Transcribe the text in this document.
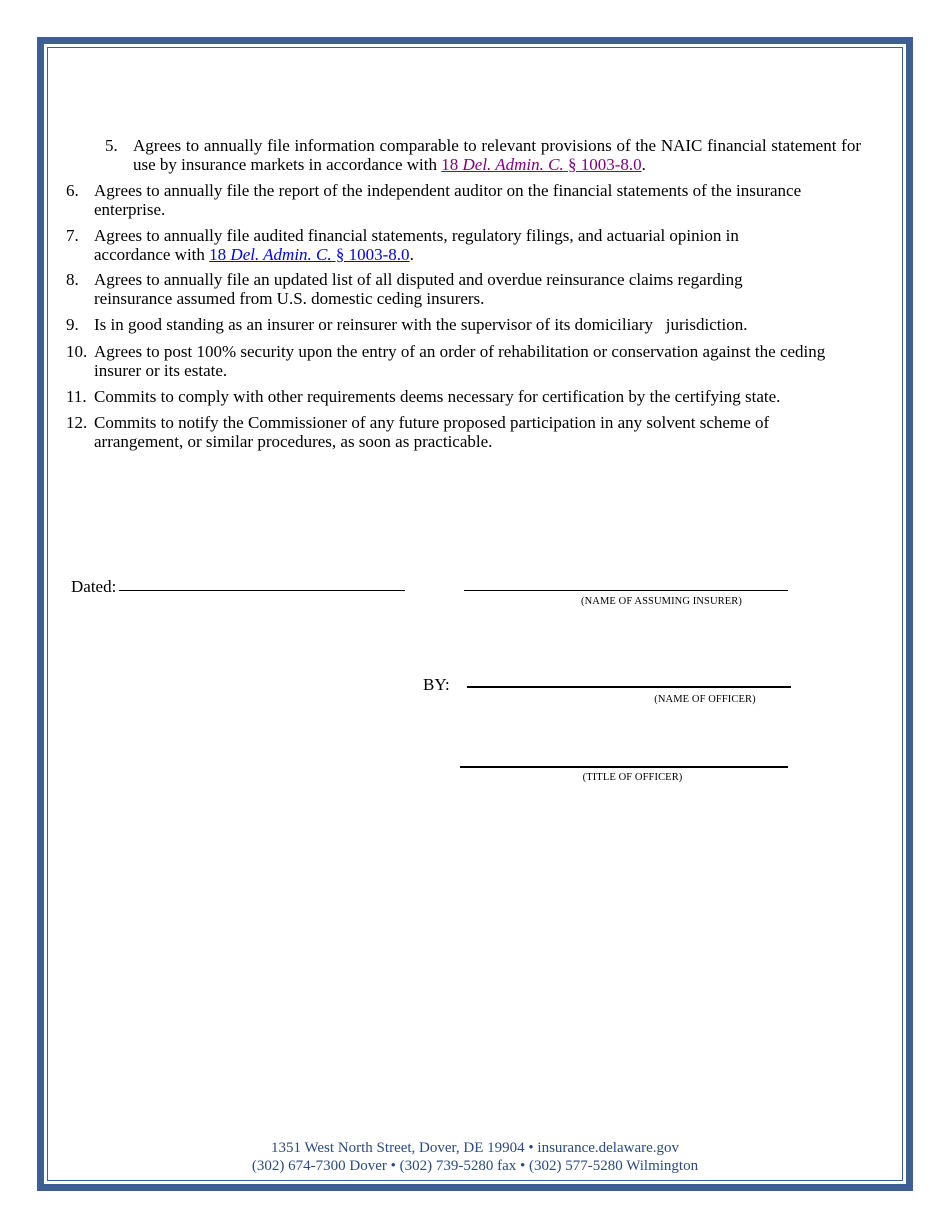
5. Agrees to annually file information comparable to relevant provisions of the NAIC financial statement for use by insurance markets in accordance with 18 Del. Admin. C. § 1003-8.0.
6. Agrees to annually file the report of the independent auditor on the financial statements of the insurance enterprise.
7. Agrees to annually file audited financial statements, regulatory filings, and actuarial opinion in accordance with 18 Del. Admin. C. § 1003-8.0.
8. Agrees to annually file an updated list of all disputed and overdue reinsurance claims regarding reinsurance assumed from U.S. domestic ceding insurers.
9. Is in good standing as an insurer or reinsurer with the supervisor of its domiciliary   jurisdiction.
10. Agrees to post 100% security upon the entry of an order of rehabilitation or conservation against the ceding insurer or its estate.
11. Commits to comply with other requirements deems necessary for certification by the certifying state.
12. Commits to notify the Commissioner of any future proposed participation in any solvent scheme of arrangement, or similar procedures, as soon as practicable.
Dated:
(NAME OF ASSUMING INSURER)
BY:
(NAME OF OFFICER)
(TITLE OF OFFICER)
1351 West North Street, Dover, DE 19904 • insurance.delaware.gov
(302) 674-7300 Dover • (302) 739-5280 fax • (302) 577-5280 Wilmington
